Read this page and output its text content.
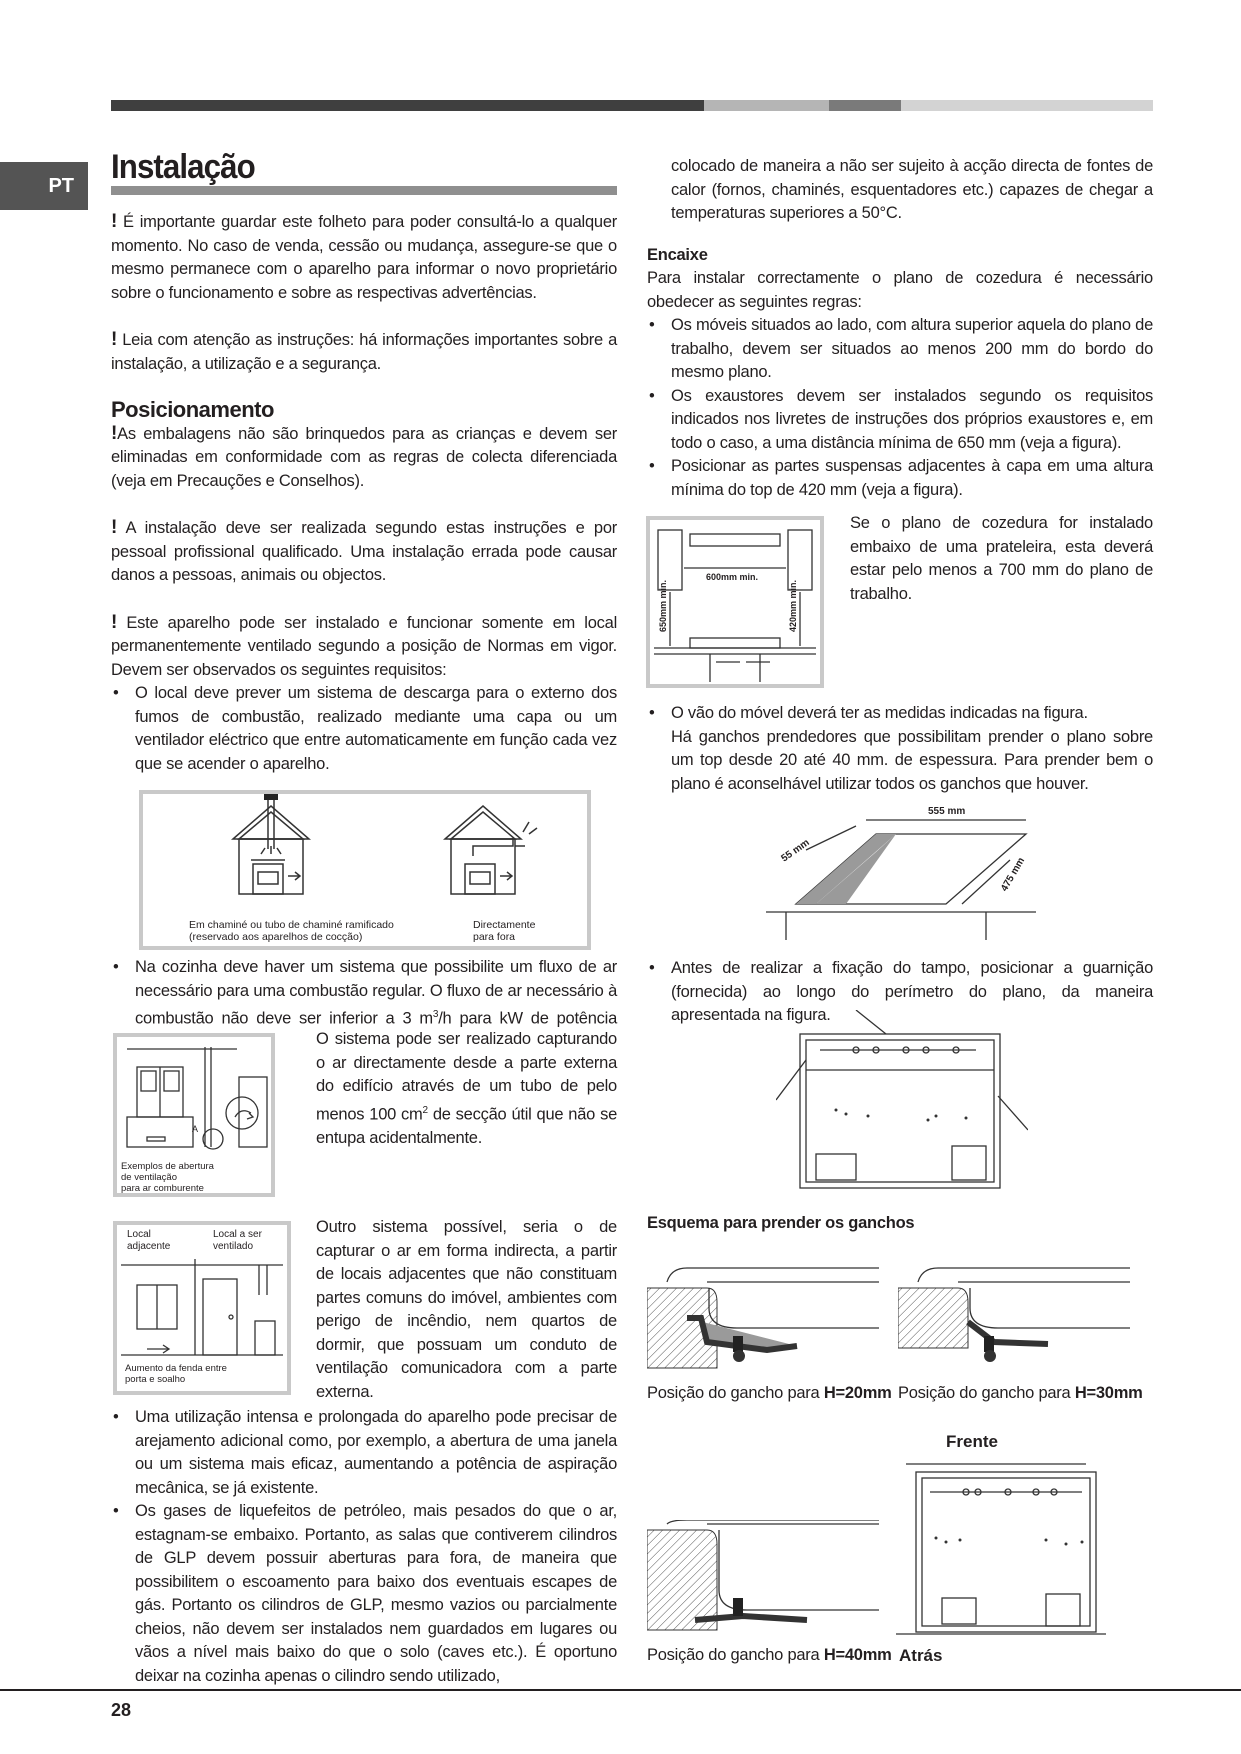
PT	Instalação

! É importante guardar este folheto para poder consultá-lo a qualquer momento. No caso de venda, cessão ou mudança, assegure-se que o mesmo permanece com o aparelho para informar o novo proprietário sobre o funcionamento e sobre as respectivas advertências.

! Leia com atenção as instruções: há informações importantes sobre a instalação, a utilização e a segurança.

Posicionamento

!As embalagens não são brinquedos para as crianças e devem ser eliminadas em conformidade com as regras de colecta diferenciada (veja em Precauções e Conselhos).

! A instalação deve ser realizada segundo estas instruções e por pessoal profissional qualificado. Uma instalação errada pode causar danos a pessoas, animais ou objectos.

! Este aparelho pode ser instalado e funcionar somente em local permanentemente ventilado segundo a posição de Normas em vigor. Devem ser observados os seguintes requisitos:

• O local deve prever um sistema de descarga para o externo dos fumos de combustão, realizado mediante uma capa ou um ventilador eléctrico que entre automaticamente em função cada vez que se acender o aparelho.
Em chaminé ou tubo de chaminé ramificado
(reservado aos aparelhos de cocção)
Directamente
para fora
• Na cozinha deve haver um sistema que possibilite um fluxo de ar necessário para uma combustão regular. O fluxo de ar necessário à combustão não deve ser inferior a 3 $m^3/h$ para kW de potência
A
Exemplos de abertura
de ventilação
para ar comburente

O sistema pode ser realizado capturando o ar directamente desde a parte externa do edifício através de um tubo de pelo menos 100 $cm^2$ de secção útil que não se entupa acidentalmente.

Local
adjacente
Local a ser
ventilado
Aumento da fenda entre
porta e soalho

Outro sistema possível, seria o de capturar o ar em forma indirecta, a partir de locais adjacentes que não constituam partes comuns do imóvel, ambientes com perigo de incêndio, nem quartos de dormir, que possuam um conduto de ventilação comunicadora com a parte externa.

• Uma utilização intensa e prolongada do aparelho pode precisar de arejamento adicional como, por exemplo, a abertura de uma janela ou um sistema mais eficaz, aumentando a potência de aspiração mecânica, se já existente.
• Os gases de liquefeitos de petróleo, mais pesados do que o ar, estagnam-se embaixo. Portanto, as salas que contiverem cilindros de GLP devem possuir aberturas para fora, de maneira que possibilitem o escoamento para baixo dos eventuais escapes de gás. Portanto os cilindros de GLP, mesmo vazios ou parcialmente cheios, não devem ser instalados nem guardados em lugares ou vãos a nível mais baixo do que o solo (caves etc.). É oportuno deixar na cozinha apenas o cilindro sendo utilizado,

colocado de maneira a não ser sujeito à acção directa de fontes de calor (fornos, chaminés, esquentadores etc.) capazes de chegar a temperaturas superiores a 50°C.

Encaixe

Para instalar correctamente o plano de cozedura é necessário obedecer as seguintes regras:

• Os móveis situados ao lado, com altura superior aquela do plano de trabalho, devem ser situados ao menos 200 mm do bordo do mesmo plano.
• Os exaustores devem ser instalados segundo os requisitos indicados nos livretes de instruções dos próprios exaustores e, em todo o caso, a uma distância mínima de 650 mm (veja a figura).
• Posicionar as partes suspensas adjacentes à capa em uma altura mínima do top de 420 mm (veja a figura).
600mm min.
650mm min.	420mm min.

Se o plano de cozedura for instalado embaixo de uma prateleira, esta deverá estar pelo menos a 700 mm do plano de trabalho.

• O vão do móvel deverá ter as medidas indicadas na figura.
Há ganchos prendedores que possibilitam prender o plano sobre um top desde 20 até 40 mm. de espessura. Para prender bem o plano é aconselhável utilizar todos os ganchos que houver.
555 mm
55 mm
475 mm
• Antes de realizar a fixação do tampo, posicionar a guarnição (fornecida) ao longo do perímetro do plano, da maneira apresentada na figura.
Esquema para prender os ganchos
Posição do gancho para H=20mm Posição do gancho para H=30mm
Frente
Posição do gancho para H=40mm Atrás
28
